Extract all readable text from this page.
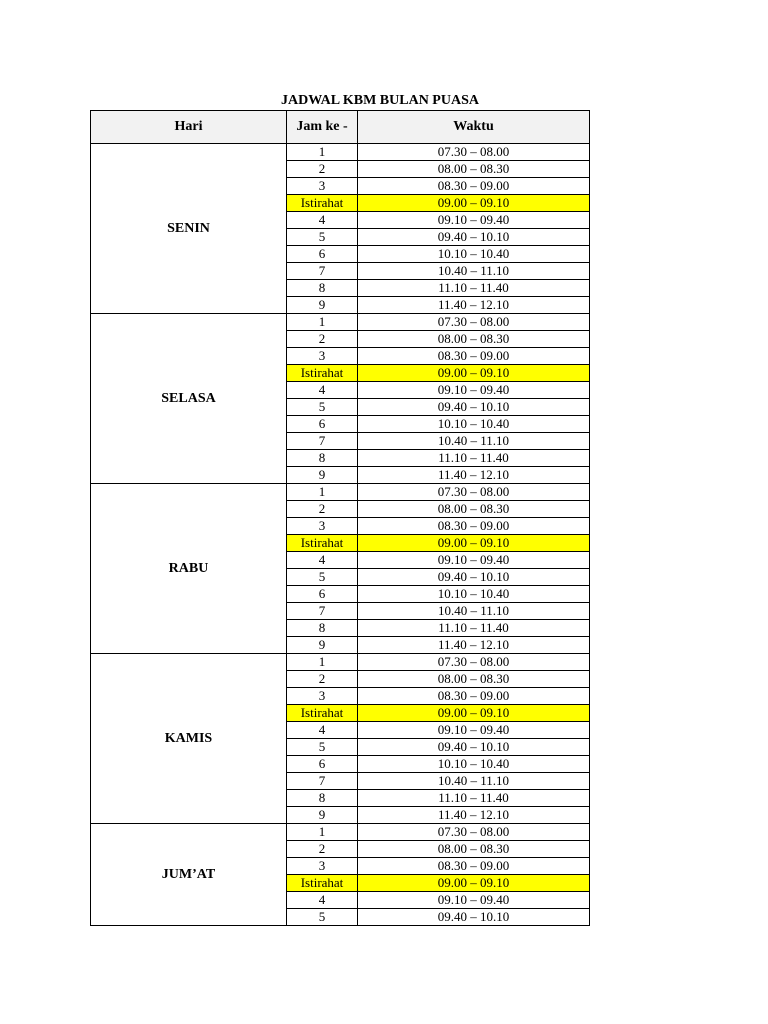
JADWAL KBM BULAN PUASA
Hari	Jam ke -	Waktu
SENIN	1	07.30 – 08.00
	2	08.00 – 08.30
	3	08.30 – 09.00
	Istirahat	09.00 – 09.10
	4	09.10 – 09.40
	5	09.40 – 10.10
	6	10.10 – 10.40
	7	10.40 – 11.10
	8	11.10 – 11.40
	9	11.40 – 12.10
SELASA	1	07.30 – 08.00
	2	08.00 – 08.30
	3	08.30 – 09.00
	Istirahat	09.00 – 09.10
	4	09.10 – 09.40
	5	09.40 – 10.10
	6	10.10 – 10.40
	7	10.40 – 11.10
	8	11.10 – 11.40
	9	11.40 – 12.10
RABU	1	07.30 – 08.00
	2	08.00 – 08.30
	3	08.30 – 09.00
	Istirahat	09.00 – 09.10
	4	09.10 – 09.40
	5	09.40 – 10.10
	6	10.10 – 10.40
	7	10.40 – 11.10
	8	11.10 – 11.40
	9	11.40 – 12.10
KAMIS	1	07.30 – 08.00
	2	08.00 – 08.30
	3	08.30 – 09.00
	Istirahat	09.00 – 09.10
	4	09.10 – 09.40
	5	09.40 – 10.10
	6	10.10 – 10.40
	7	10.40 – 11.10
	8	11.10 – 11.40
	9	11.40 – 12.10
JUM’AT	1	07.30 – 08.00
	2	08.00 – 08.30
	3	08.30 – 09.00
	Istirahat	09.00 – 09.10
	4	09.10 – 09.40
	5	09.40 – 10.10
